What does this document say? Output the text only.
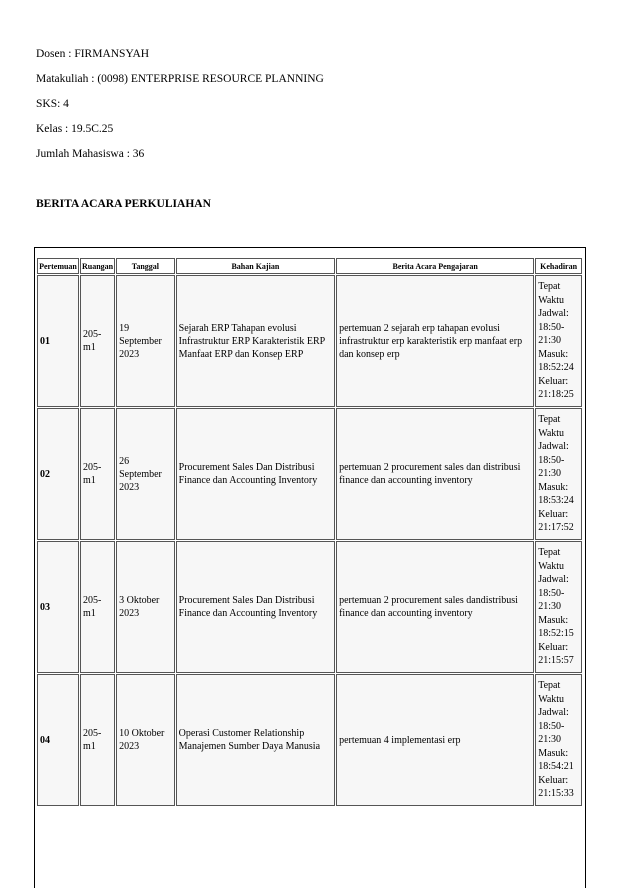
Dosen : FIRMANSYAH
Matakuliah : (0098) ENTERPRISE RESOURCE PLANNING
SKS: 4
Kelas : 19.5C.25
Jumlah Mahasiswa : 36
BERITA ACARA PERKULIAHAN
Pertemuan	Ruangan	Tanggal	Bahan Kajian	Berita Acara Pengajaran	Kehadiran
01	205-m1	19 September 2023	Sejarah ERP Tahapan evolusi Infrastruktur ERP Karakteristik ERP Manfaat ERP dan Konsep ERP	pertemuan 2 sejarah erp tahapan evolusi infrastruktur erp karakteristik erp manfaat erp dan konsep erp	Tepat Waktu Jadwal: 18:50-21:30 Masuk: 18:52:24 Keluar: 21:18:25
02	205-m1	26 September 2023	Procurement Sales Dan Distribusi Finance dan Accounting Inventory	pertemuan 2 procurement sales dan distribusi finance dan accounting inventory	Tepat Waktu Jadwal: 18:50-21:30 Masuk: 18:53:24 Keluar: 21:17:52
03	205-m1	3 Oktober 2023	Procurement Sales Dan Distribusi Finance dan Accounting Inventory	pertemuan 2 procurement sales dandistribusi finance dan accounting inventory	Tepat Waktu Jadwal: 18:50-21:30 Masuk: 18:52:15 Keluar: 21:15:57
04	205-m1	10 Oktober 2023	Operasi Customer Relationship Manajemen Sumber Daya Manusia	pertemuan 4 implementasi erp	Tepat Waktu Jadwal: 18:50-21:30 Masuk: 18:54:21 Keluar: 21:15:33
